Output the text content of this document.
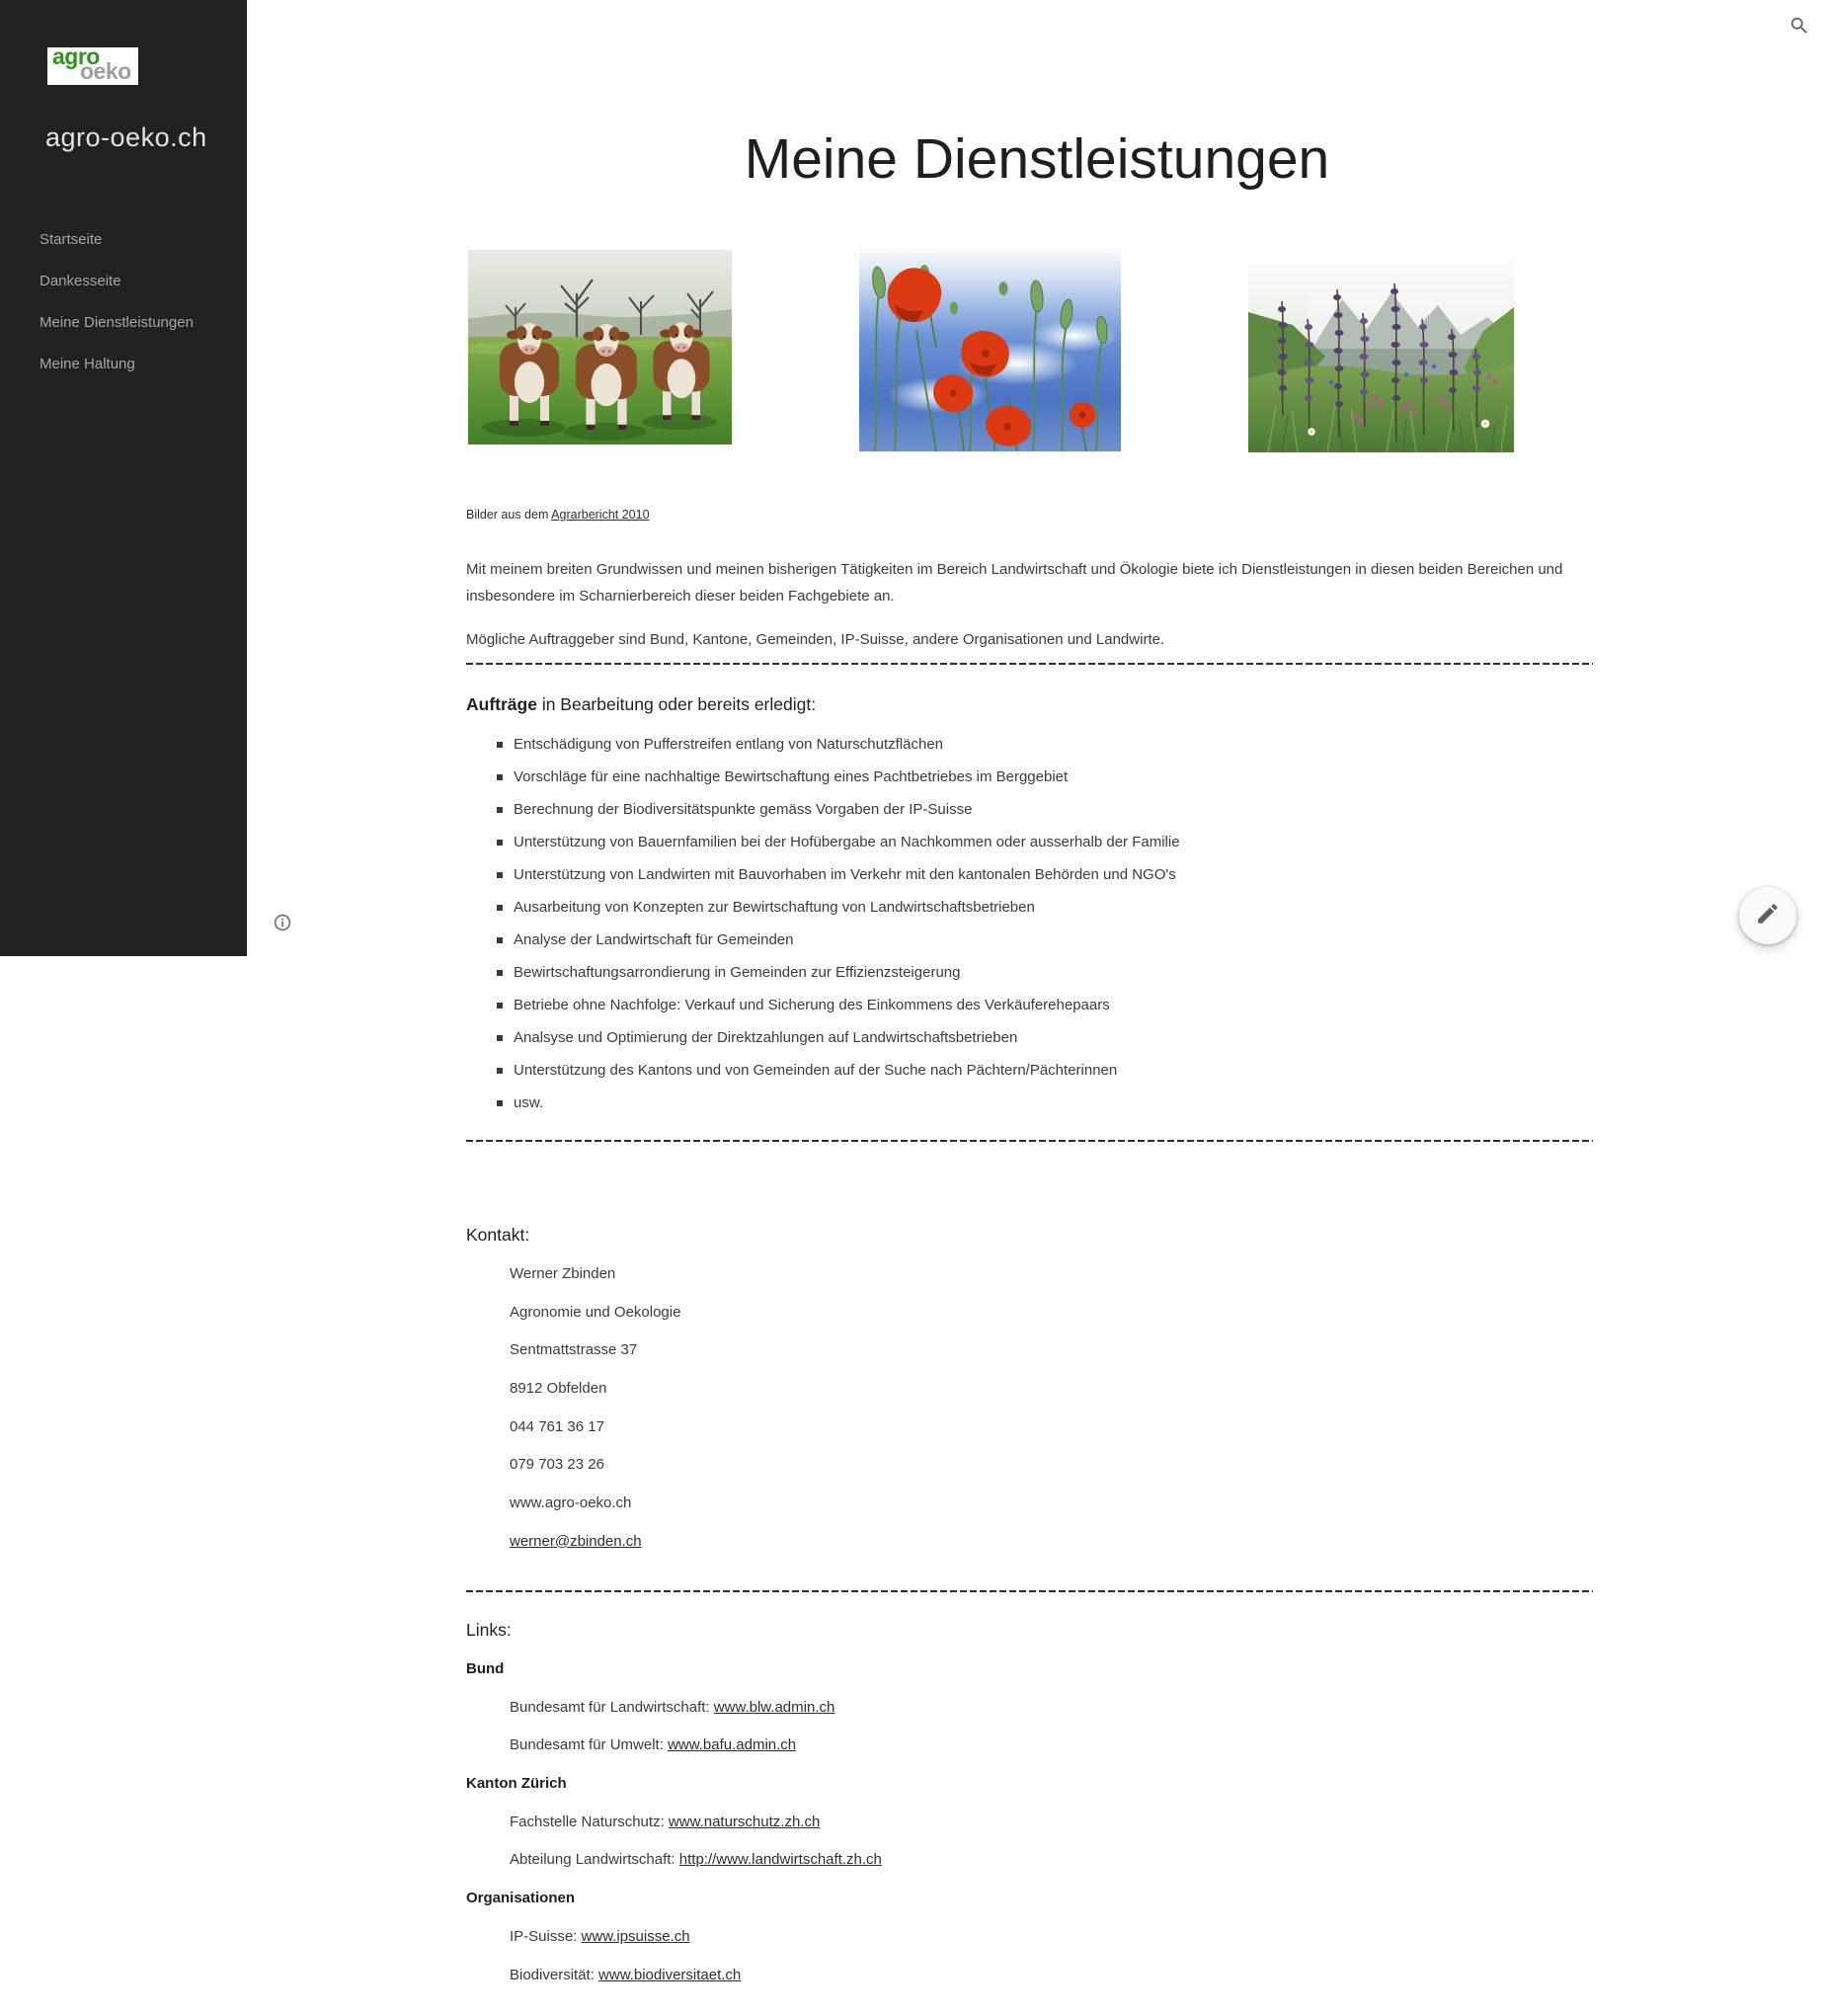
agro
oeko
agro-oeko.ch
Startseite
Dankesseite
Meine Dienstleistungen
Meine Haltung
Meine Dienstleistungen
Bilder aus dem Agrarbericht 2010

Mit meinem breiten Grundwissen und meinen bisherigen Tätigkeiten im Bereich Landwirtschaft und Ökologie biete ich Dienstleistungen in diesen beiden Bereichen und insbesondere im Scharnierbereich dieser beiden Fachgebiete an.

Mögliche Auftraggeber sind Bund, Kantone, Gemeinden, IP-Suisse, andere Organisationen und Landwirte.

Aufträge in Bearbeitung oder bereits erledigt:
Entschädigung von Pufferstreifen entlang von Naturschutzflächen
Vorschläge für eine nachhaltige Bewirtschaftung eines Pachtbetriebes im Berggebiet
Berechnung der Biodiversitätspunkte gemäss Vorgaben der IP-Suisse
Unterstützung von Bauernfamilien bei der Hofübergabe an Nachkommen oder ausserhalb der Familie
Unterstützung von Landwirten mit Bauvorhaben im Verkehr mit den kantonalen Behörden und NGO's
Ausarbeitung von Konzepten zur Bewirtschaftung von Landwirtschaftsbetrieben
Analyse der Landwirtschaft für Gemeinden
Bewirtschaftungsarrondierung in Gemeinden zur Effizienzsteigerung
Betriebe ohne Nachfolge: Verkauf und Sicherung des Einkommens des Verkäuferehepaars
Analsyse und Optimierung der Direktzahlungen auf Landwirtschaftsbetrieben
Unterstützung des Kantons und von Gemeinden auf der Suche nach Pächtern/Pächterinnen
usw.
Kontakt:
Werner Zbinden
Agronomie und Oekologie
Sentmattstrasse 37
8912 Obfelden
044 761 36 17
079 703 23 26
www.agro-oeko.ch
werner@zbinden.ch
Links:
Bund
Bundesamt für Landwirtschaft: www.blw.admin.ch
Bundesamt für Umwelt: www.bafu.admin.ch
Kanton Zürich
Fachstelle Naturschutz: www.naturschutz.zh.ch
Abteilung Landwirtschaft: http://www.landwirtschaft.zh.ch
Organisationen
IP-Suisse: www.ipsuisse.ch
Biodiversität: www.biodiversitaet.ch
